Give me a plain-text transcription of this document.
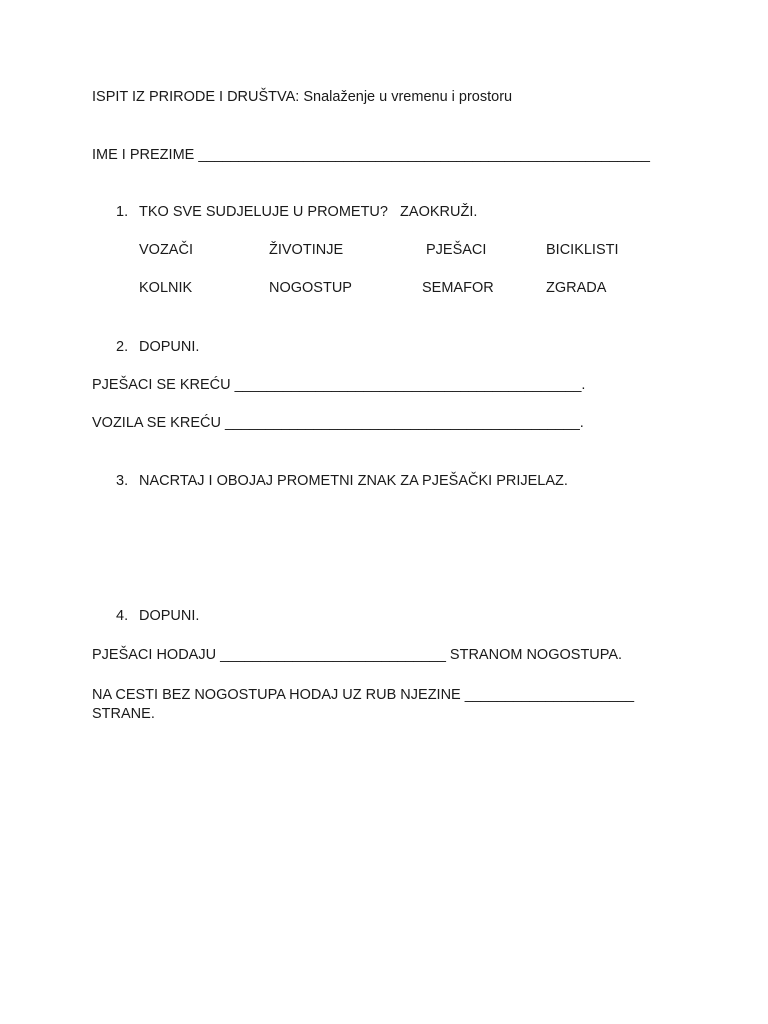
ISPIT IZ PRIRODE I DRUŠTVA: Snalaženje u vremenu i prostoru
IME I PREZIME ________________________________________________________
1. TKO SVE SUDJELUJE U PROMETU?   ZAOKRUŽI.
VOZAČI	ŽIVOTINJE	PJEŠACI	BICIKLISTI
KOLNIK	NOGOSTUP	SEMAFOR	ZGRADA
2. DOPUNI.
PJEŠACI SE KREĆU ___________________________________________.
VOZILA SE KREĆU ____________________________________________.
3. NACRTAJ I OBOJAJ PROMETNI ZNAK ZA PJEŠAČKI PRIJELAZ.
4. DOPUNI.
PJEŠACI HODAJU ____________________________ STRANOM NOGOSTUPA.
NA CESTI BEZ NOGOSTUPA HODAJ UZ RUB NJEZINE _____________________
STRANE.
